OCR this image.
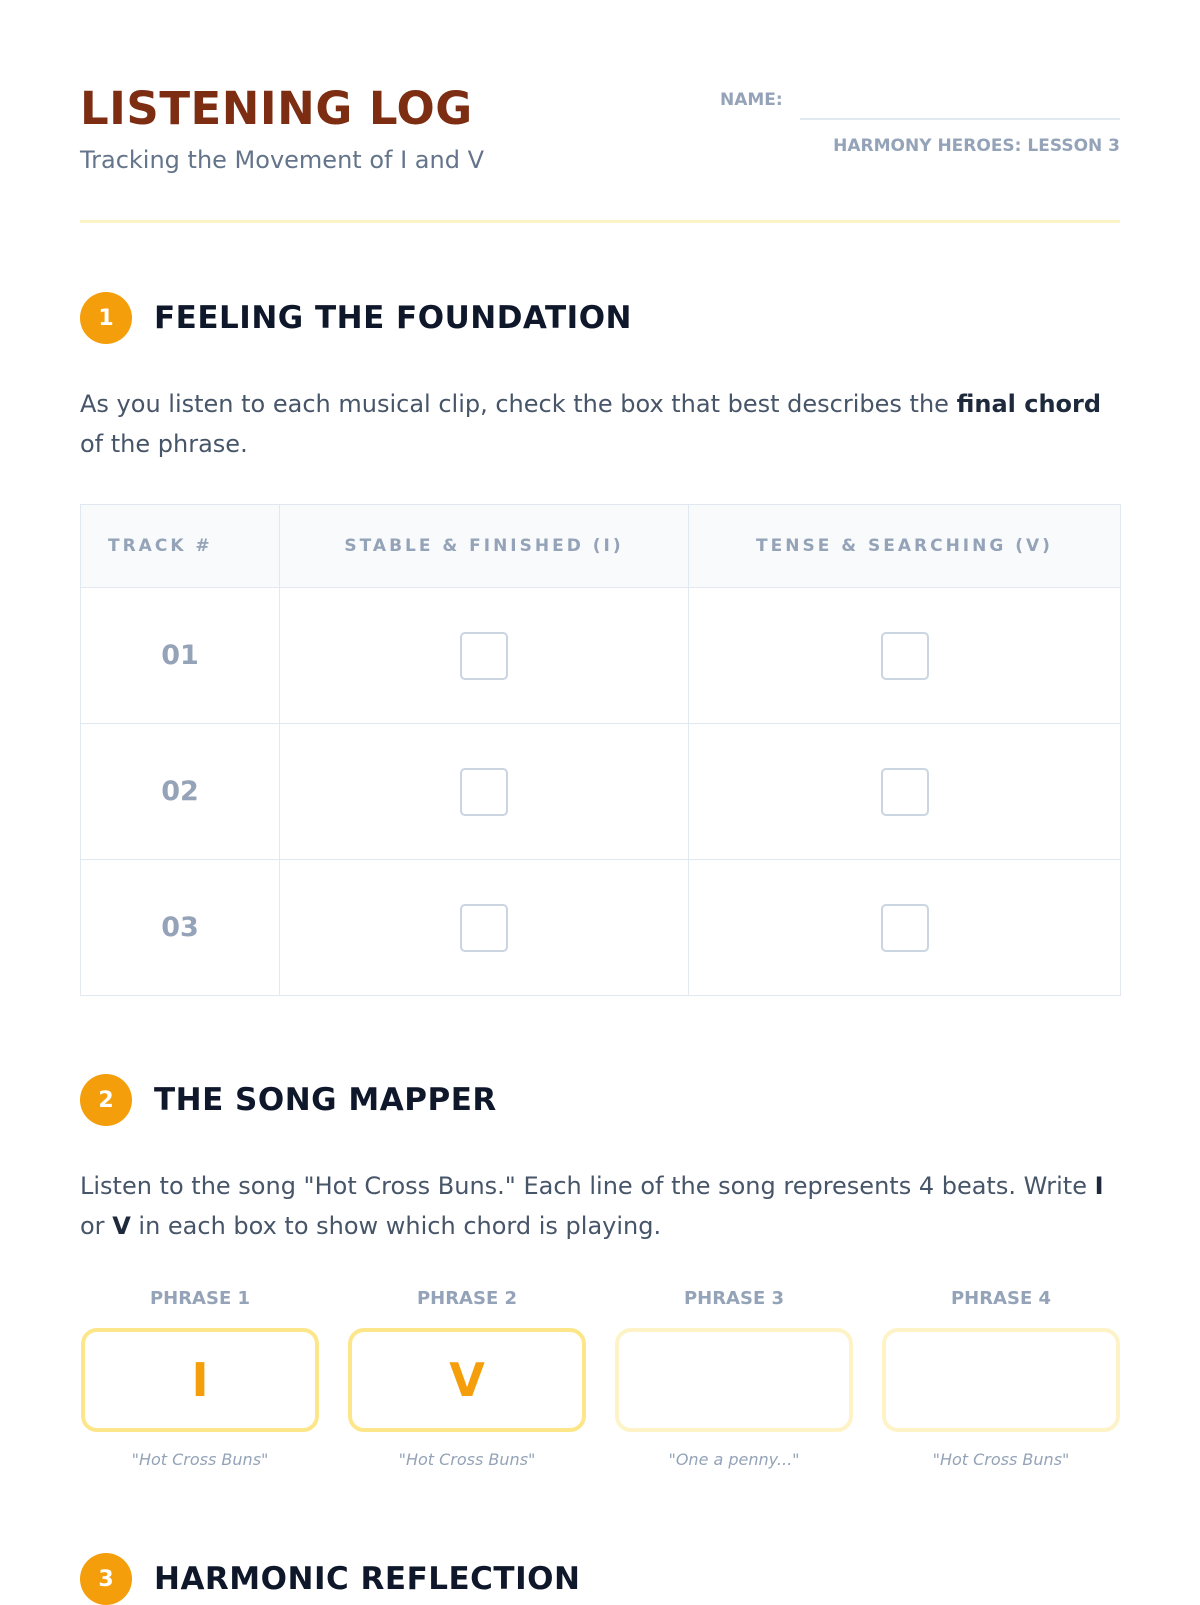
LISTENING LOG

Tracking the Movement of I and V

NAME:
HARMONY HEROES: LESSON 3
1	FEELING THE FOUNDATION

As you listen to each musical clip, check the box that best describes the final chord of the phrase.

TRACK #	STABLE & FINISHED (I)	TENSE & SEARCHING (V)
01		
02		
03		
2	THE SONG MAPPER

Listen to the song "Hot Cross Buns." Each line of the song represents 4 beats. Write I or V in each box to show which chord is playing.

PHRASE 1
I
"Hot Cross Buns"
PHRASE 2
V
"Hot Cross Buns"
PHRASE 3
"One a penny..."
PHRASE 4
"Hot Cross Buns"
3	HARMONIC REFLECTION
